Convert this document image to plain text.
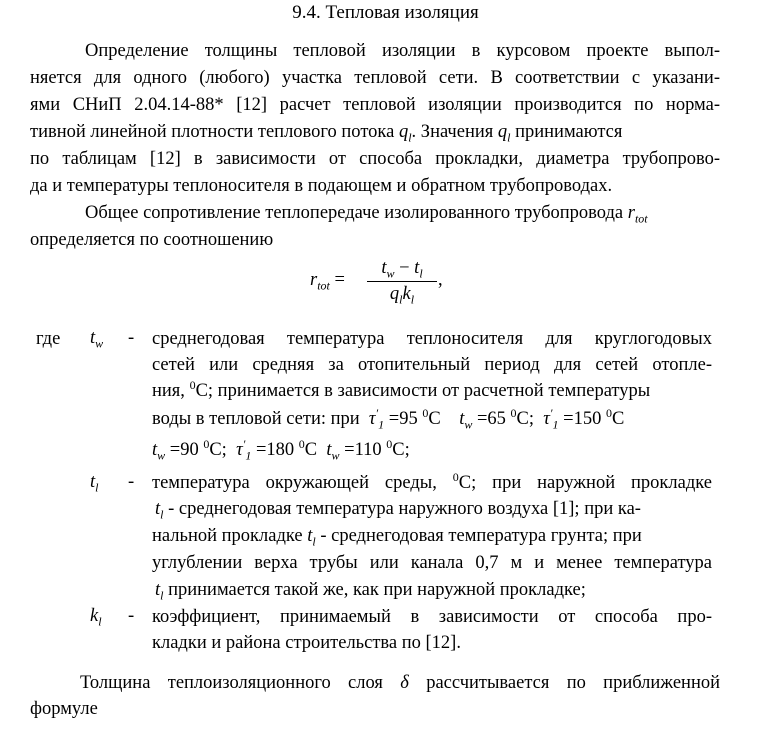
9.4. Тепловая изоляция
Определение толщины тепловой изоляции в курсовом проекте выпол-
няется для одного (любого) участка тепловой сети. В соответствии с указани-
ями СНиП 2.04.14-88* [12] расчет тепловой изоляции производится по норма-
тивной линейной плотности теплового потока $q_l$. Значения $q_l$ принимаются
по таблицам [12] в зависимости от способа прокладки, диаметра трубопрово-
да и температуры теплоносителя в подающем и обратном трубопроводах.
Общее сопротивление теплопередаче изолированного трубопровода $r_{tot}$
определяется по соотношению
$r_{tot}$ =
$t_w - t_l$
$q_lk_l$
,
где $t_w$ - среднегодовая температура теплоносителя для круглогодовых
сетей или средняя за отопительный период для сетей отопле-
ния, $^0$C; принимается в зависимости от расчетной температуры
воды в тепловой сети: при $\tau'_1 =95$ $^0$C $t_w =65$ $^0$C; $\tau'_1 =150$ $^0$C
$t_w =90$ $^0$C; $\tau'_1 =180$ $^0$C $t_w =110$ $^0$C;
$t_l$ - температура окружающей среды, $^0$C; при наружной прокладке
$t_l$ - среднегодовая температура наружного воздуха [1]; при ка-
нальной прокладке $t_l$ - среднегодовая температура грунта; при
углублении верха трубы или канала 0,7 м и менее температура
$t_l$ принимается такой же, как при наружной прокладке;
$k_l$ - коэффициент, принимаемый в зависимости от способа про-
кладки и района строительства по [12].
Толщина теплоизоляционного слоя δ рассчитывается по приближенной
формуле
